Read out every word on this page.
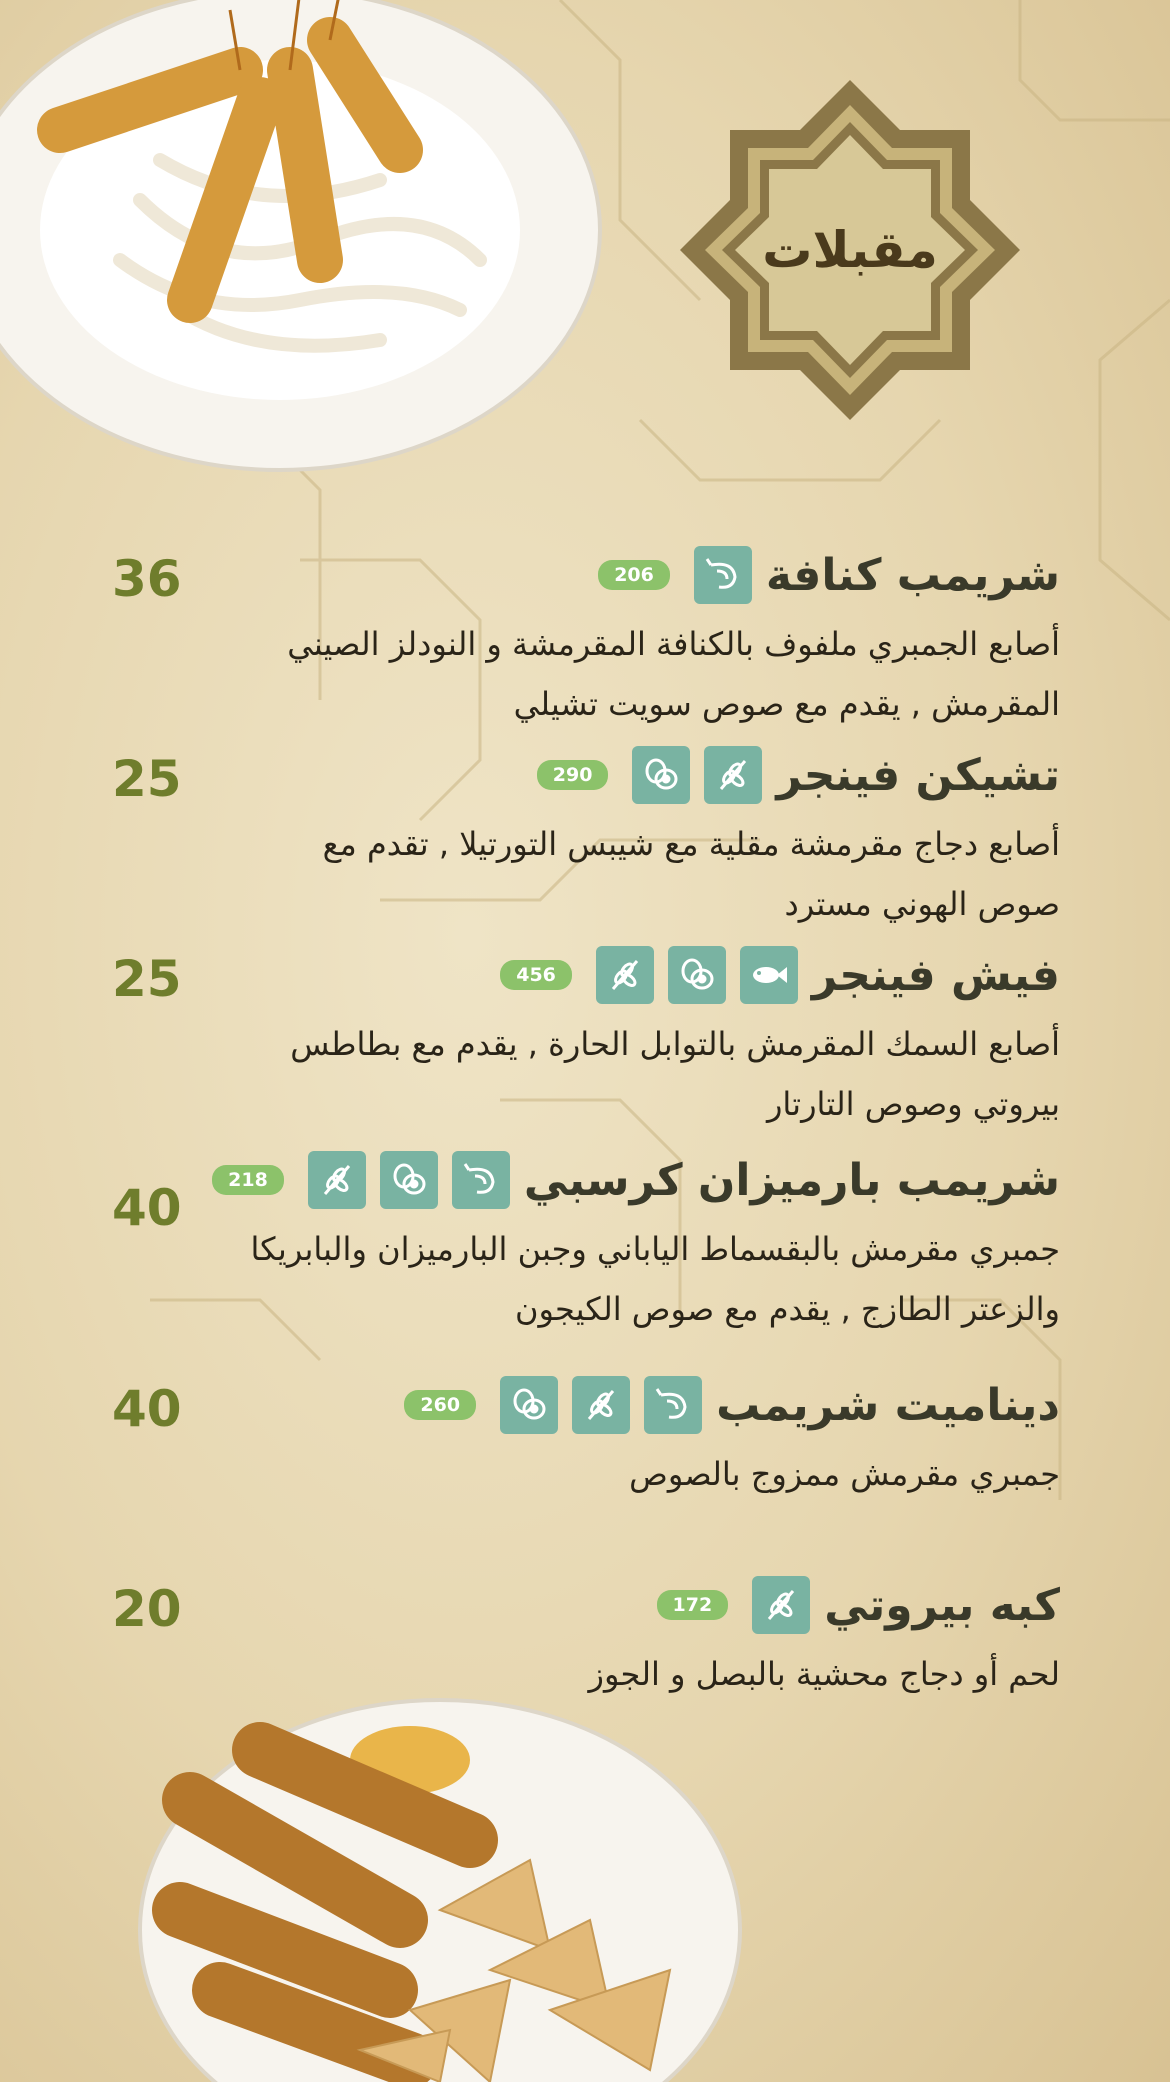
مقبلات
36	شريمب كنافة
206
أصابع الجمبري ملفوف بالكنافة المقرمشة و النودلز الصيني
المقرمش , يقدم مع صوص سويت تشيلي
25	تشيكن فينجر
290
أصابع دجاج مقرمشة مقلية مع شيبس التورتيلا , تقدم مع
صوص الهوني مسترد
25	فيش فينجر
456
أصابع السمك المقرمش بالتوابل الحارة , يقدم مع بطاطس
بيروتي وصوص التارتار
40	شريمب بارميزان كرسبي
218
جمبري مقرمش بالبقسماط الياباني وجبن البارميزان والبابريكا
والزعتر الطازج , يقدم مع صوص الكيجون
40	ديناميت شريمب
260
جمبري مقرمش ممزوج بالصوص
20	كبه بيروتي
172
لحم أو دجاج محشية بالبصل و الجوز
